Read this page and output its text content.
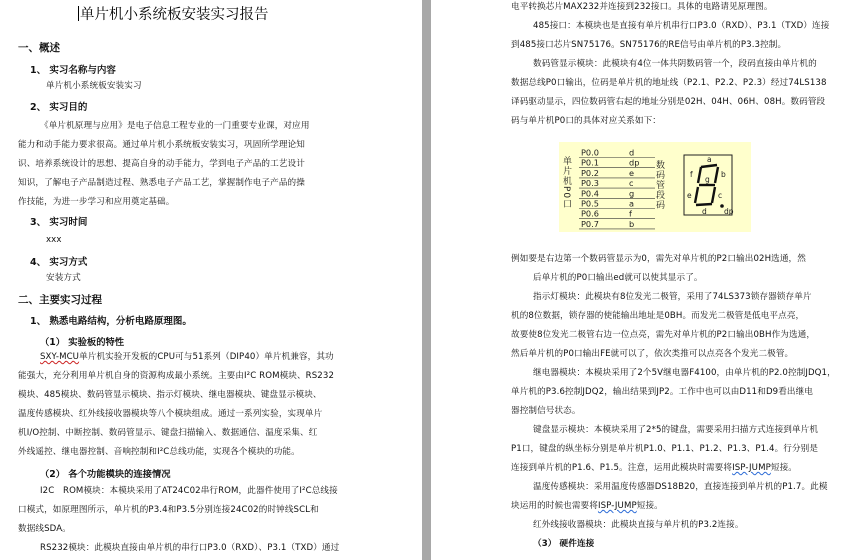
单片机小系统板安装实习报告
一、概述
1、 实习名称与内容
单片机小系统板安装实习
2、 实习目的
《单片机原理与应用》是电子信息工程专业的一门重要专业课，对应用
能力和动手能力要求很高。通过单片机小系统板安装实习，巩固所学理论知
识、培养系统设计的思想、提高自身的动手能力，学到电子产品的工艺设计
知识，了解电子产品制造过程、熟悉电子产品工艺，掌握制作电子产品的操
作技能，为进一步学习和应用奠定基础。
3、 实习时间
xxx
4、 实习方式
安装方式
二、主要实习过程
1、 熟悉电路结构，分析电路原理图。
（1） 实验板的特性
SXY-MCU单片机实验开发板的CPU可与51系列（DIP40）单片机兼容，其功
能强大，充分利用单片机自身的资源构成最小系统。主要由I²C ROM模块、RS232
模块、485模块、数码管显示模块、指示灯模块、继电器模块、键盘显示模块、
温度传感模块、红外线接收器模块等八个模块组成。通过一系列实验，实现单片
机I/O控制、中断控制、数码管显示、键盘扫描输入、数据通信、温度采集、红
外线遥控、继电器控制、音响控制和I²C总线功能，实现各个模块的功能。
（2） 各个功能模块的连接情况
I2C　ROM模块：本模块采用了AT24C02串行ROM，此器件使用了I²C总线接
口模式，如原理图所示，单片机的P3.4和P3.5分别连接24C02的时钟线SCL和
数据线SDA。
RS232模块：此模块直接由单片机的串行口P3.0（RXD）、P3.1（TXD）通过
电平转换芯片MAX232并连接到232接口。具体的电路请见原理图。
485接口：本模块也是直接有单片机串行口P3.0（RXD）、P3.1（TXD）连接
到485接口芯片SN75176。SN75176的RE信号由单片机的P3.3控制。
数码管显示模块：此模块有4位一体共阴数码管一个，段码直接由单片机的
数据总线P0口输出，位码是单片机的地址线（P2.1、P2.2、P2.3）经过74LS138
译码驱动显示，四位数码管右起的地址分别是02H、04H、06H、08H。数码管段
码与单片机P0口的具体对应关系如下：
单片机P0口	数码管段码
P0.0	d
P0.1	dp
P0.2	e
P0.3	c
P0.4	g
P0.5	a
P0.6	f
P0.7	b
a
b
c
d
e
f
g
dp
例如要是右边第一个数码管显示为0，需先对单片机的P2口输出02H选通，然
后单片机的P0口输出ed就可以使其显示了。
指示灯模块：此模块有8位发光二极管，采用了74LS373锁存器锁存单片
机的8位数据，锁存器的使能输出地址是0BH。而发光二极管是低电平点亮，
故要使8位发光二极管右边一位点亮，需先对单片机的P2口输出0BH作为选通，
然后单片机的P0口输出FE就可以了，依次类推可以点亮各个发光二极管。
继电器模块：本模块采用了2个5V继电器F4100，由单片机的P2.0控制JDQ1，
单片机的P3.6控制JDQ2，输出结果到JP2。工作中也可以由D11和D9看出继电
器控制信号状态。
键盘显示模块：本模块采用了2*5的键盘，需要采用扫描方式连接到单片机
P1口，键盘的纵坐标分别是单片机P1.0、P1.1、P1.2、P1.3、P1.4。行分别是
连接到单片机的P1.6、P1.5。注意，运用此模块时需要将ISP-JUMP短接。
温度传感模块：采用温度传感器DS18B20，直接连接到单片机的P1.7。此模
块运用的时候也需要将ISP-JUMP短接。
红外线接收器模块：此模块直接与单片机的P3.2连接。
（3） 硬件连接
